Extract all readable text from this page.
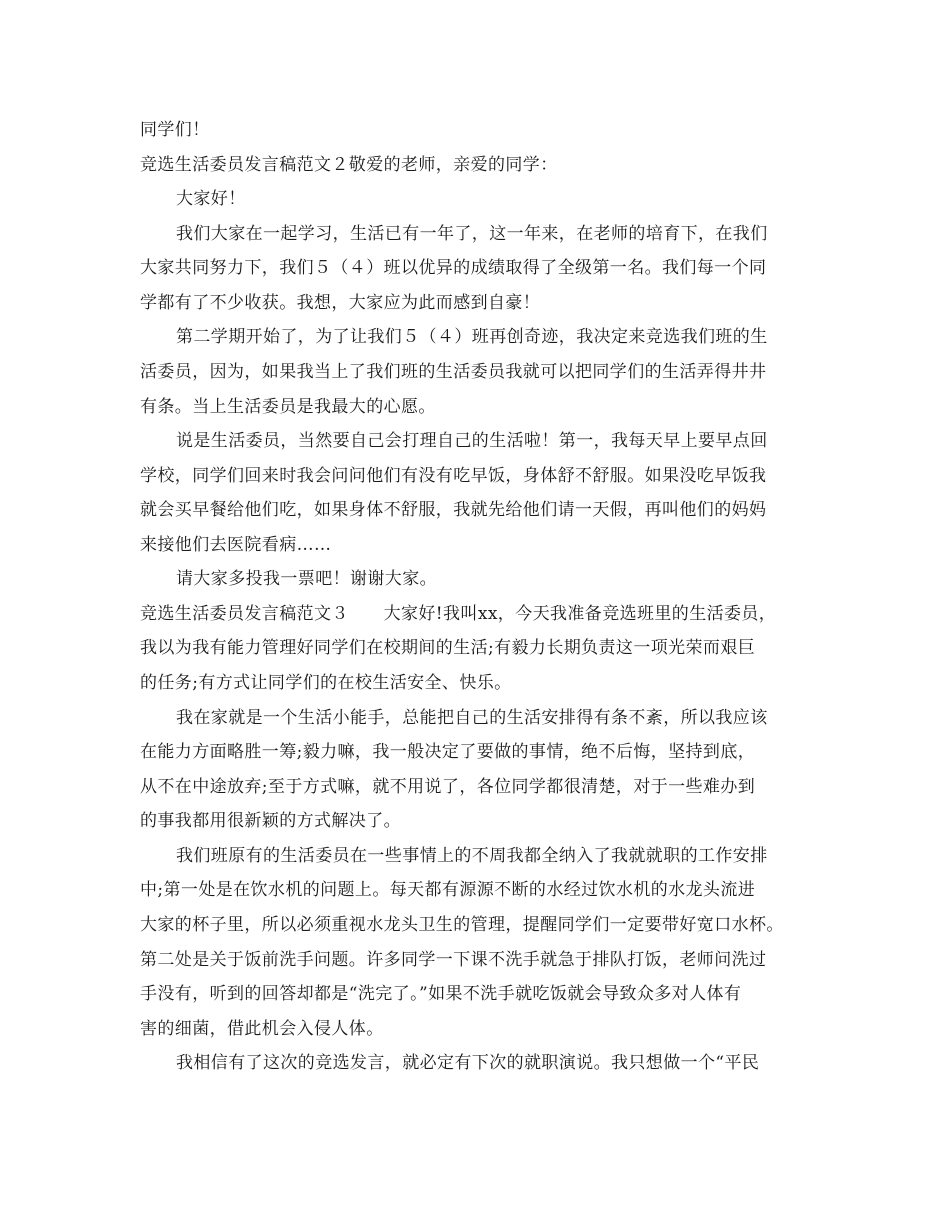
同学们！
竞选生活委员发言稿范文２敬爱的老师，亲爱的同学：
大家好！
我们大家在一起学习，生活已有一年了，这一年来，在老师的培育下，在我们
大家共同努力下，我们５（４）班以优异的成绩取得了全级第一名。我们每一个同
学都有了不少收获。我想，大家应为此而感到自豪！
第二学期开始了，为了让我们５（４）班再创奇迹，我决定来竞选我们班的生
活委员，因为，如果我当上了我们班的生活委员我就可以把同学们的生活弄得井井
有条。当上生活委员是我最大的心愿。
说是生活委员，当然要自己会打理自己的生活啦！第一，我每天早上要早点回
学校，同学们回来时我会问问他们有没有吃早饭，身体舒不舒服。如果没吃早饭我
就会买早餐给他们吃，如果身体不舒服，我就先给他们请一天假，再叫他们的妈妈
来接他们去医院看病……
请大家多投我一票吧！谢谢大家。
竞选生活委员发言稿范文３　　大家好!我叫xx，今天我准备竞选班里的生活委员，
我以为我有能力管理好同学们在校期间的生活;有毅力长期负责这一项光荣而艰巨
的任务;有方式让同学们的在校生活安全、快乐。
我在家就是一个生活小能手，总能把自己的生活安排得有条不紊，所以我应该
在能力方面略胜一筹;毅力嘛，我一般决定了要做的事情，绝不后悔，坚持到底，
从不在中途放弃;至于方式嘛，就不用说了，各位同学都很清楚，对于一些难办到
的事我都用很新颖的方式解决了。
我们班原有的生活委员在一些事情上的不周我都全纳入了我就就职的工作安排
中;第一处是在饮水机的问题上。每天都有源源不断的水经过饮水机的水龙头流进
大家的杯子里，所以必须重视水龙头卫生的管理，提醒同学们一定要带好宽口水杯。
第二处是关于饭前洗手问题。许多同学一下课不洗手就急于排队打饭，老师问洗过
手没有，听到的回答却都是“洗完了。”如果不洗手就吃饭就会导致众多对人体有
害的细菌，借此机会入侵人体。
我相信有了这次的竞选发言，就必定有下次的就职演说。我只想做一个“平民
